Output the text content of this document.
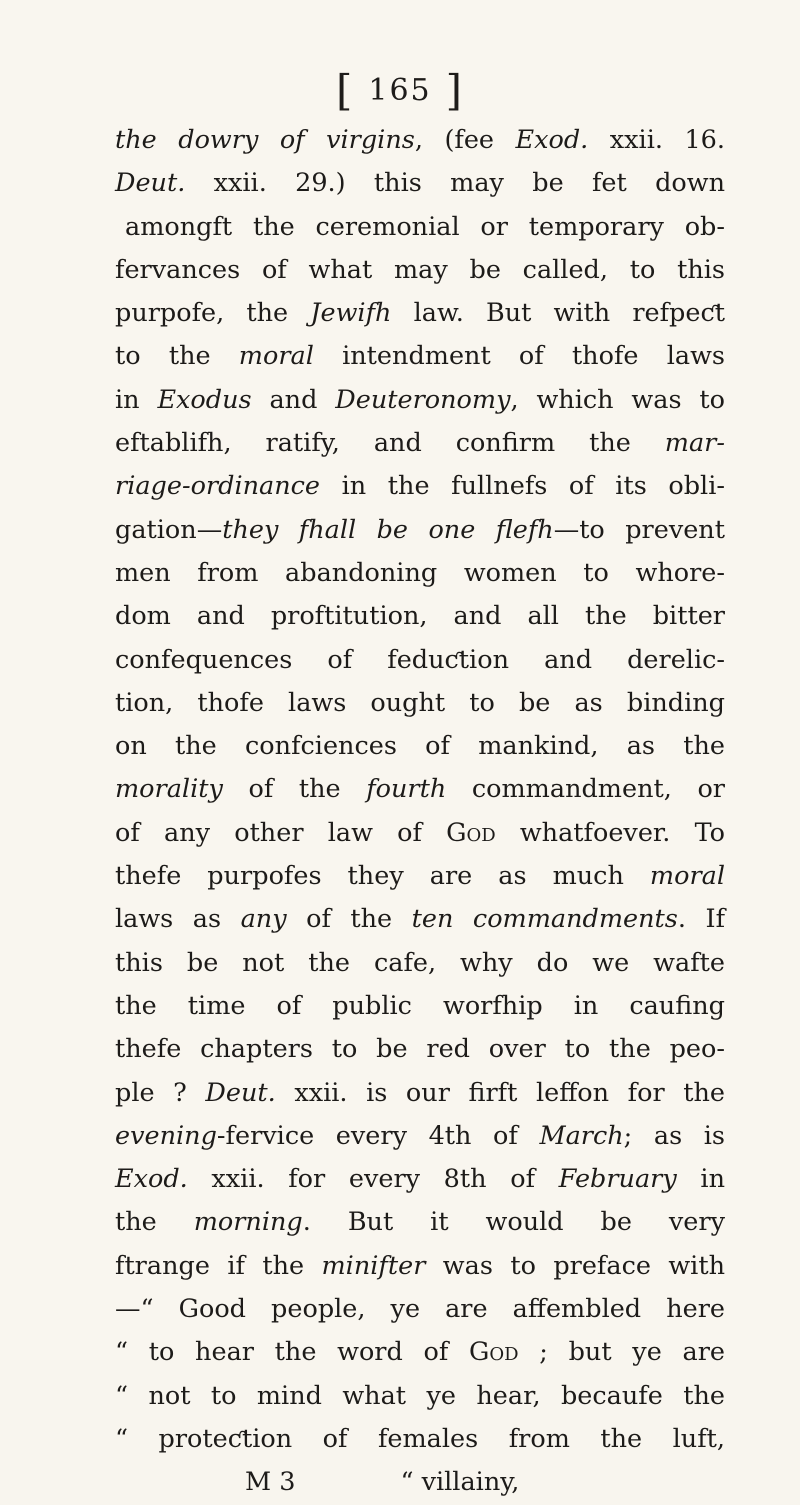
[ 165 ]
the dowry of virgins, (fee Exod. xxii. 16.
Deut. xxii. 29.) this may be fet down
amongft the ceremonial or temporary ob-
fervances of what may be called, to this
purpofe, the Jewifh law. But with refpeƈt
to the moral intendment of thofe laws
in Exodus and Deuteronomy, which was to
eftablifh, ratify, and confirm the mar-
riage-ordinance in the fullnefs of its obli-
gation—they fhall be one flefh—to prevent
men from abandoning women to whore-
dom and proftitution, and all the bitter
confequences of feduƈtion and derelic-
tion, thofe laws ought to be as binding
on the confciences of mankind, as the
morality of the fourth commandment, or
of any other law of God whatfoever. To
thefe purpofes they are as much moral
laws as any of the ten commandments. If
this be not the cafe, why do we wafte
the time of public worfhip in caufing
thefe chapters to be red over to the peo-
ple ? Deut. xxii. is our firft leffon for the
evening-fervice every 4th of March; as is
Exod. xxii. for every 8th of February in
the morning. But it would be very
ftrange if the minifter was to preface with
—“ Good people, ye are affembled here
“ to hear the word of God ; but ye are
“ not to mind what ye hear, becaufe the
“ proteƈtion of females from the luft,
M 3	“ villainy,
